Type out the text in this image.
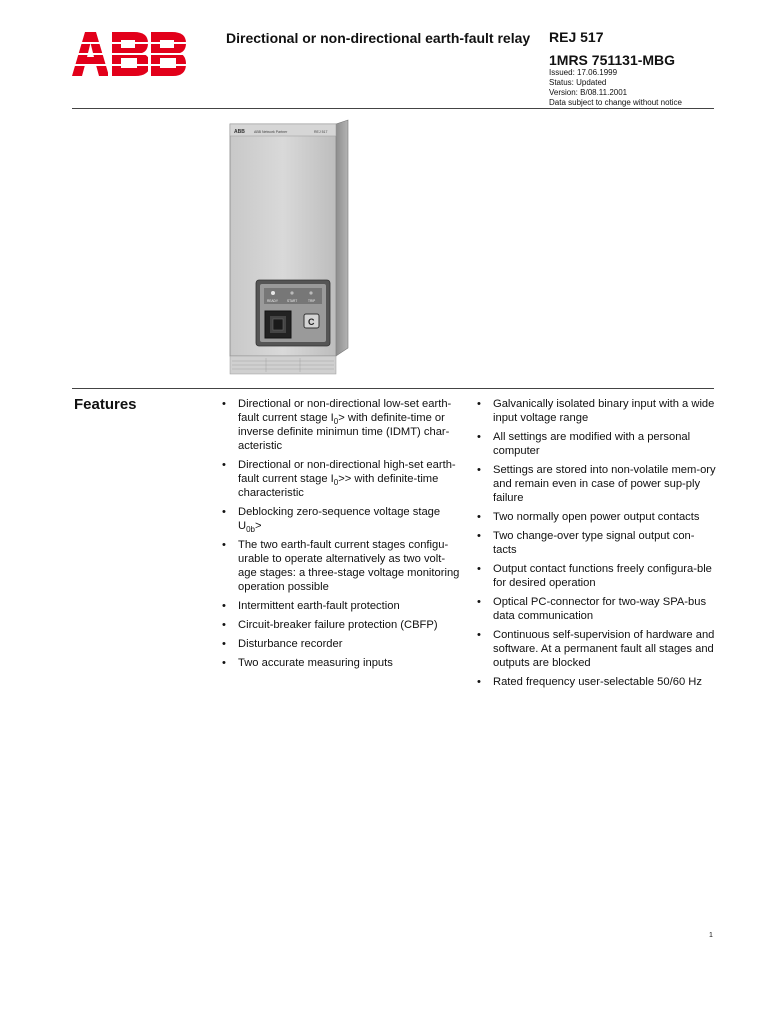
Directional or non-directional earth-fault relay	REJ 517
1MRS 751131-MBG
Issued: 17.06.1999
Status: Updated
Version: B/08.11.2001
Data subject to change without notice
ABB	ABB Network Partner	REJ 517
READY	START	TRIP
C
Features
•	Directional or non-directional low-set earth-fault current stage $I_0>$ with definite-time or inverse definite minimun time (IDMT) char-acteristic
• Directional or non-directional high-set earth-fault current stage $I_0>>$ with definite-time characteristic
• Deblocking zero-sequence voltage stage $U_{0b}>$
• The two earth-fault current stages configu-urable to operate alternatively as two volt-age stages: a three-stage voltage monitoring operation possible
• Intermittent earth-fault protection
• Circuit-breaker failure protection (CBFP)
• Disturbance recorder
• Two accurate measuring inputs
• Galvanically isolated binary input with a wide input voltage range
• All settings are modified with a personal computer
• Settings are stored into non-volatile mem-ory and remain even in case of power sup-ply failure
• Two normally open power output contacts
• Two change-over type signal output con-tacts
• Output contact functions freely configura-ble for desired operation
• Optical PC-connector for two-way SPA-bus data communication
• Continuous self-supervision of hardware and software. At a permanent fault all stages and outputs are blocked
• Rated frequency user-selectable 50/60 Hz
1
